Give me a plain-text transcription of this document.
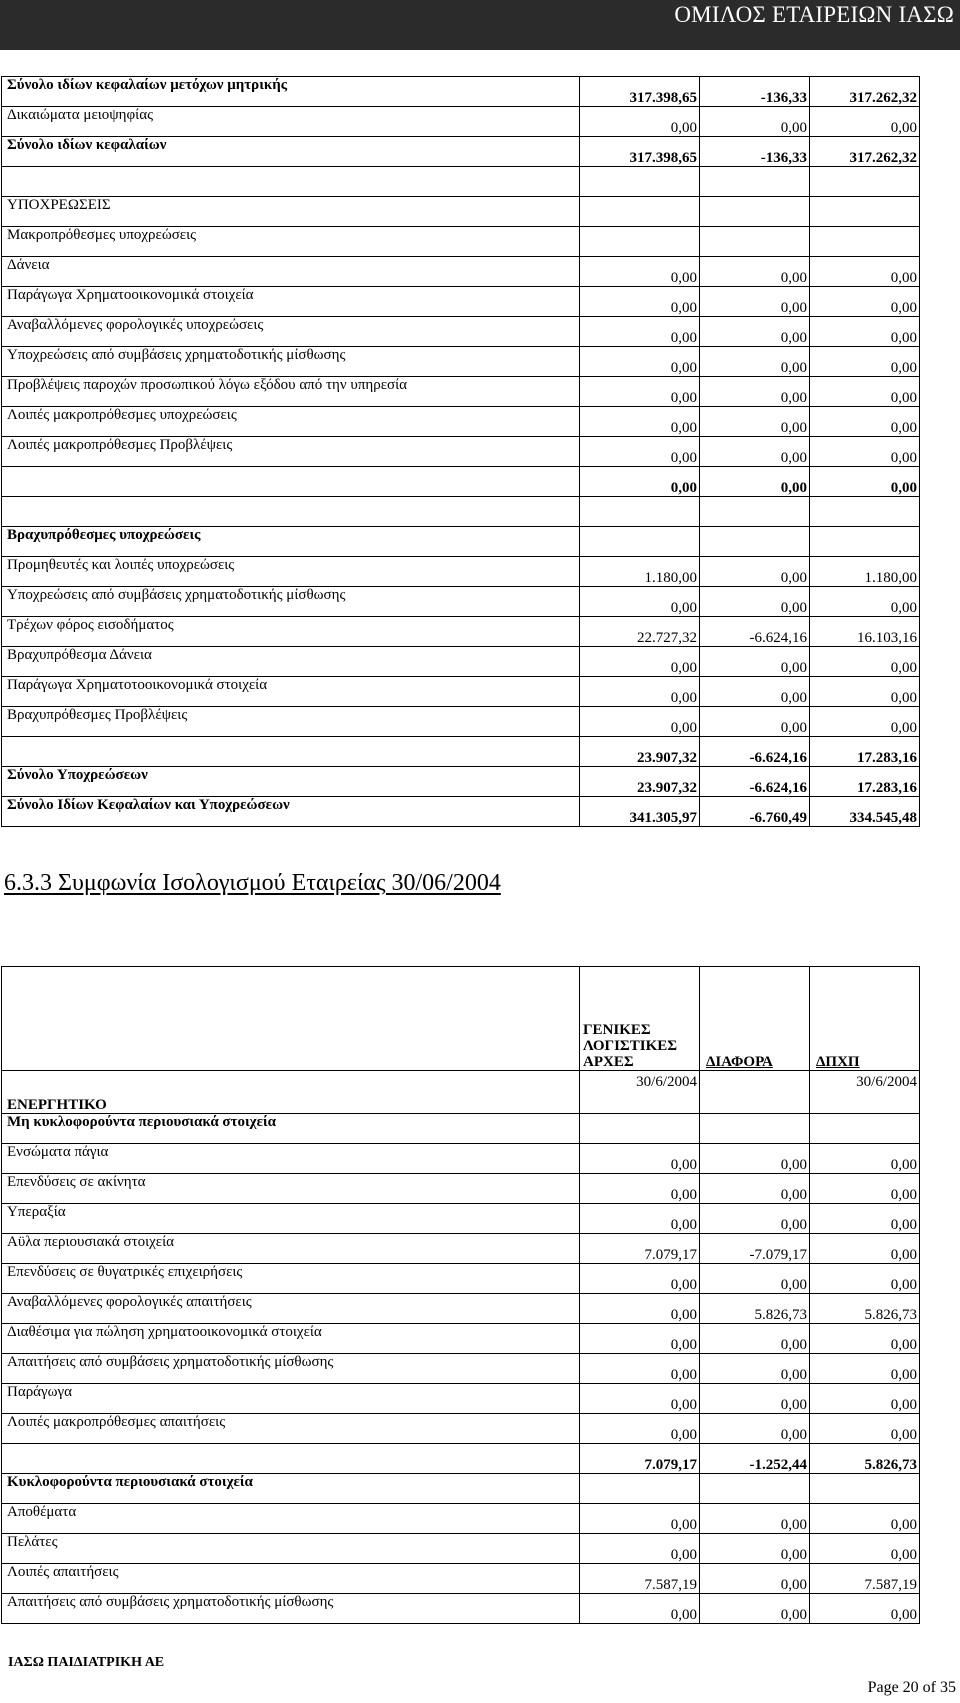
ΟΜΙΛΟΣ ΕΤΑΙΡΕΙΩΝ ΙΑΣΩ
Σύνολο ιδίων κεφαλαίων μετόχων μητρικής	317.398,65	-136,33	317.262,32
Δικαιώματα μειοψηφίας	0,00	0,00	0,00
Σύνολο ιδίων κεφαλαίων	317.398,65	-136,33	317.262,32

ΥΠΟΧΡΕΩΣΕΙΣ			
Μακροπρόθεσμες υποχρεώσεις			
Δάνεια	0,00	0,00	0,00
Παράγωγα Χρηματοοικονομικά στοιχεία	0,00	0,00	0,00
Αναβαλλόμενες φορολογικές υποχρεώσεις	0,00	0,00	0,00
Υποχρεώσεις από συμβάσεις χρηματοδοτικής μίσθωσης	0,00	0,00	0,00
Προβλέψεις παροχών προσωπικού λόγω εξόδου από την υπηρεσία	0,00	0,00	0,00
Λοιπές μακροπρόθεσμες υποχρεώσεις	0,00	0,00	0,00
Λοιπές μακροπρόθεσμες Προβλέψεις	0,00	0,00	0,00
	0,00	0,00	0,00

Βραχυπρόθεσμες υποχρεώσεις			
Προμηθευτές και λοιπές υποχρεώσεις	1.180,00	0,00	1.180,00
Υποχρεώσεις από συμβάσεις χρηματοδοτικής μίσθωσης	0,00	0,00	0,00
Τρέχων φόρος εισοδήματος	22.727,32	-6.624,16	16.103,16
Βραχυπρόθεσμα Δάνεια	0,00	0,00	0,00
Παράγωγα Χρηματοτοοικονομικά στοιχεία	0,00	0,00	0,00
Βραχυπρόθεσμες Προβλέψεις	0,00	0,00	0,00
	23.907,32	-6.624,16	17.283,16
Σύνολο Υποχρεώσεων	23.907,32	-6.624,16	17.283,16
Σύνολο Ιδίων Κεφαλαίων και Υποχρεώσεων	341.305,97	-6.760,49	334.545,48
6.3.3 Συμφωνία Ισολογισμού Εταιρείας 30/06/2004
	ΓΕΝΙΚΕΣ ΛΟΓΙΣΤΙΚΕΣ ΑΡΧΕΣ	ΔΙΑΦΟΡΑ	ΔΠΧΠ
ΕΝΕΡΓΗΤΙΚΟ	30/6/2004		30/6/2004
Μη κυκλοφορούντα περιουσιακά στοιχεία			
Ενσώματα πάγια	0,00	0,00	0,00
Επενδύσεις σε ακίνητα	0,00	0,00	0,00
Υπεραξία	0,00	0,00	0,00
Αϋλα περιουσιακά στοιχεία	7.079,17	-7.079,17	0,00
Επενδύσεις σε θυγατρικές επιχειρήσεις	0,00	0,00	0,00
Αναβαλλόμενες φορολογικές απαιτήσεις	0,00	5.826,73	5.826,73
Διαθέσιμα για πώληση χρηματοοικονομικά στοιχεία	0,00	0,00	0,00
Απαιτήσεις από συμβάσεις χρηματοδοτικής μίσθωσης	0,00	0,00	0,00
Παράγωγα	0,00	0,00	0,00
Λοιπές μακροπρόθεσμες απαιτήσεις	0,00	0,00	0,00
	7.079,17	-1.252,44	5.826,73
Κυκλοφορούντα περιουσιακά στοιχεία			
Αποθέματα	0,00	0,00	0,00
Πελάτες	0,00	0,00	0,00
Λοιπές απαιτήσεις	7.587,19	0,00	7.587,19
Απαιτήσεις από συμβάσεις χρηματοδοτικής μίσθωσης	0,00	0,00	0,00
ΙΑΣΩ ΠΑΙΔΙΑΤΡΙΚΗ ΑΕ
Page 20 of 35
